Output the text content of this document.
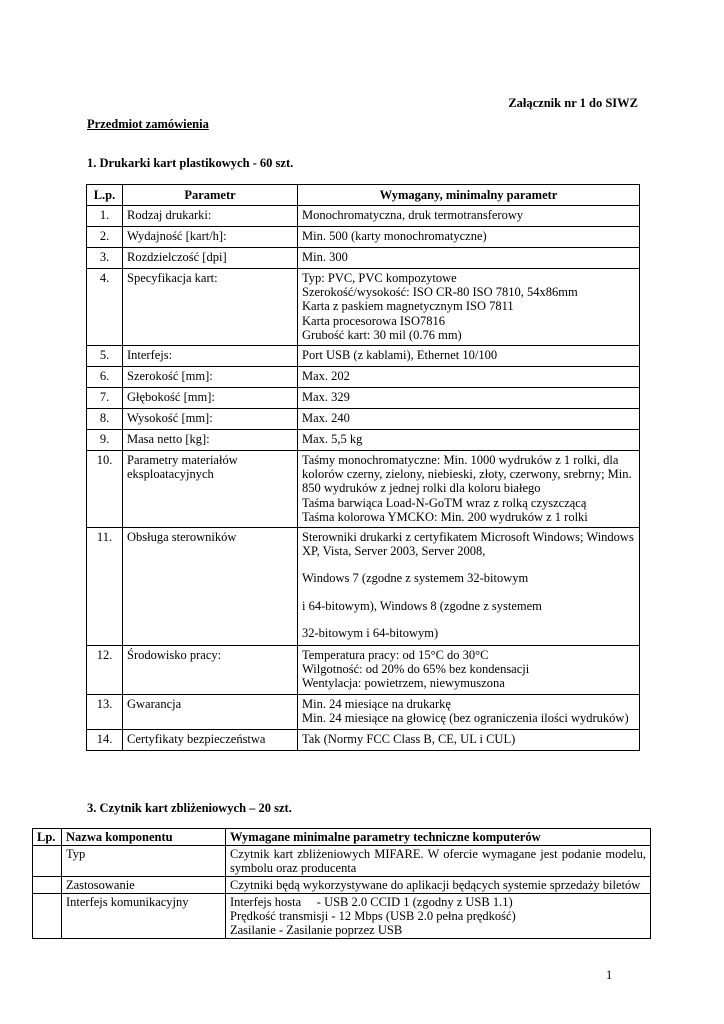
Załącznik nr 1 do SIWZ
Przedmiot zamówienia
1. Drukarki kart plastikowych - 60 szt.
L.p.	Parametr	Wymagany, minimalny parametr
1.	Rodzaj drukarki:	Monochromatyczna, druk termotransferowy
2.	Wydajność [kart/h]:	Min. 500 (karty monochromatyczne)
3.	Rozdzielczość [dpi]	Min. 300
4.	Specyfikacja kart:	Typ: PVC, PVC kompozytowe
Szerokość/wysokość: ISO CR-80 ISO 7810, 54x86mm
Karta z paskiem magnetycznym ISO 7811
Karta procesorowa ISO7816
Grubość kart: 30 mil (0.76 mm)

5.	Interfejs:	Port USB (z kablami), Ethernet 10/100
6.	Szerokość [mm]:	Max. 202
7.	Głębokość [mm]:	Max. 329
8.	Wysokość [mm]:	Max. 240
9.	Masa netto [kg]:	Max. 5,5 kg
10.	Parametry materiałów eksploatacyjnych	Taśmy monochromatyczne: Min. 1000 wydruków z 1 rolki, dla kolorów czerny, zielony, niebieski, złoty, czerwony, srebrny; Min. 850 wydruków z jednej rolki dla koloru białego
Taśma barwiąca Load-N-GoTM wraz z rolką czyszczącą
Taśma kolorowa YMCKO: Min. 200 wydruków z 1 rolki

11.	Obsługa sterowników	Sterowniki drukarki z certyfikatem Microsoft Windows; Windows XP, Vista, Server 2003, Server 2008,
Windows 7 (zgodne z systemem 32-bitowym
i 64-bitowym), Windows 8 (zgodne z systemem
32-bitowym i 64-bitowym)

12.	Środowisko pracy:	Temperatura pracy: od 15°C do 30°C
Wilgotność: od 20% do 65% bez kondensacji
Wentylacja: powietrzem, niewymuszona

13.	Gwarancja	Min. 24 miesiące na drukarkę
Min. 24 miesiące na głowicę (bez ograniczenia ilości wydruków)

14.	Certyfikaty bezpieczeństwa	Tak (Normy FCC Class B, CE, UL i CUL)
3. Czytnik kart zbliżeniowych – 20 szt.
Lp.	Nazwa komponentu	Wymagane minimalne parametry techniczne komputerów
	Typ	Czytnik kart zbliżeniowych MIFARE. W ofercie wymagane jest podanie modelu, symbolu oraz producenta
	Zastosowanie	Czytniki będą wykorzystywane do aplikacji będących systemie sprzedaży biletów
	Interfejs komunikacyjny	Interfejs hosta     - USB 2.0 CCID 1 (zgodny z USB 1.1)
Prędkość transmisji - 12 Mbps (USB 2.0 pełna prędkość)
Zasilanie - Zasilanie poprzez USB
1
